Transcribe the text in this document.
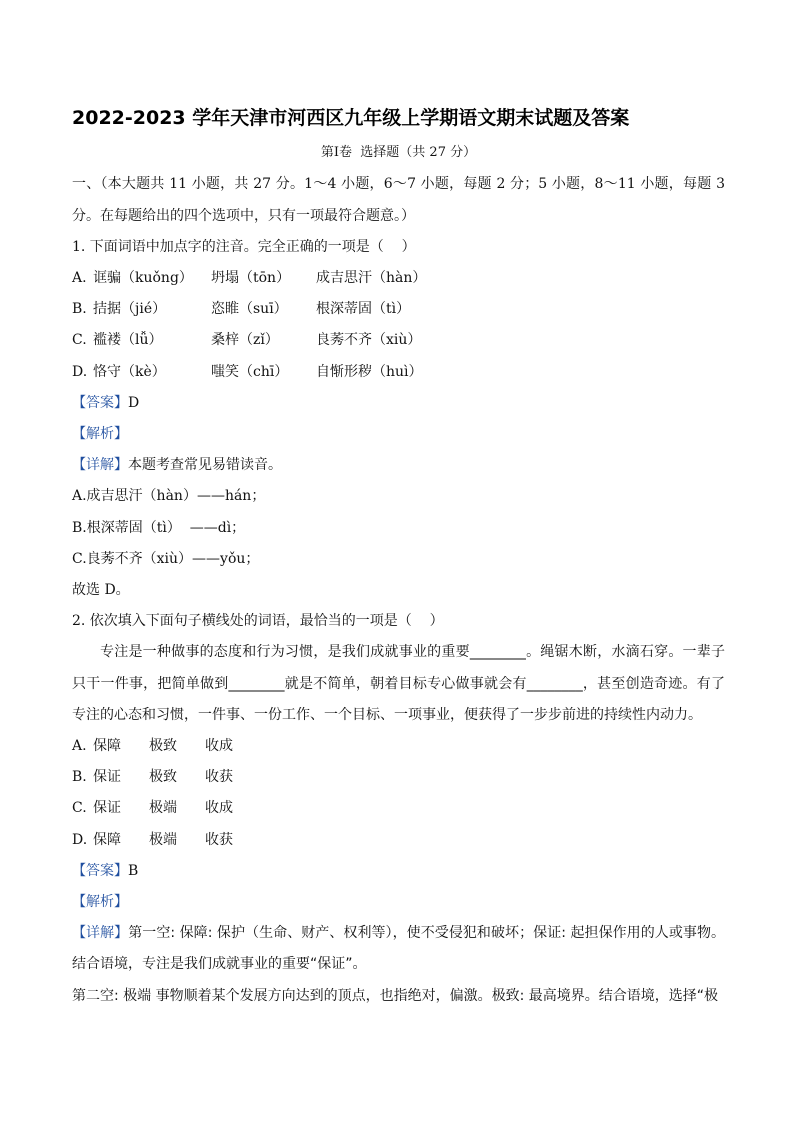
2022-2023 学年天津市河西区九年级上学期语文期末试题及答案
第Ⅰ卷  选择题（共 27 分）
一、（本大题共 11 小题，共 27 分。1～4 小题，6～7 小题，每题 2 分；5 小题，8～11 小题，每题 3 分。在每题给出的四个选项中，只有一项最符合题意。）
1. 下面词语中加点字的注音。完全正确的一项是（    ）
A. 诓骗（kuǒng）	坍塌（tōn）	成吉思汗（hàn）
B. 拮据（jié）	恣睢（suī）	根深蒂固（tì）
C. 褴褛（lǚ）	桑梓（zǐ）	良莠不齐（xiù）
D. 恪守（kè）	嗤笑（chī）	自惭形秽（huì）
【答案】D
【解析】
【详解】本题考查常见易错读音。
A.成吉思汗（hàn）——hán；
B.根深蒂固（tì）  ——dì；
C.良莠不齐（xiù）——yǒu；
故选 D。
2. 依次填入下面句子横线处的词语，最恰当的一项是（    ）
专注是一种做事的态度和行为习惯，是我们成就事业的重要________。绳锯木断，水滴石穿。一辈子只干一件事，把简单做到________就是不简单，朝着目标专心做事就会有________，甚至创造奇迹。有了专注的心态和习惯，一件事、一份工作、一个目标、一项事业，便获得了一步步前进的持续性内动力。
A. 保障	极致	收成
B. 保证	极致	收获
C. 保证	极端	收成
D. 保障	极端	收获
【答案】B
【解析】
【详解】第一空: 保障: 保护（生命、财产、权利等），使不受侵犯和破坏；保证: 起担保作用的人或事物。结合语境，专注是我们成就事业的重要“保证”。
第二空: 极端 事物顺着某个发展方向达到的顶点，也指绝对，偏激。极致: 最高境界。结合语境，选择“极
